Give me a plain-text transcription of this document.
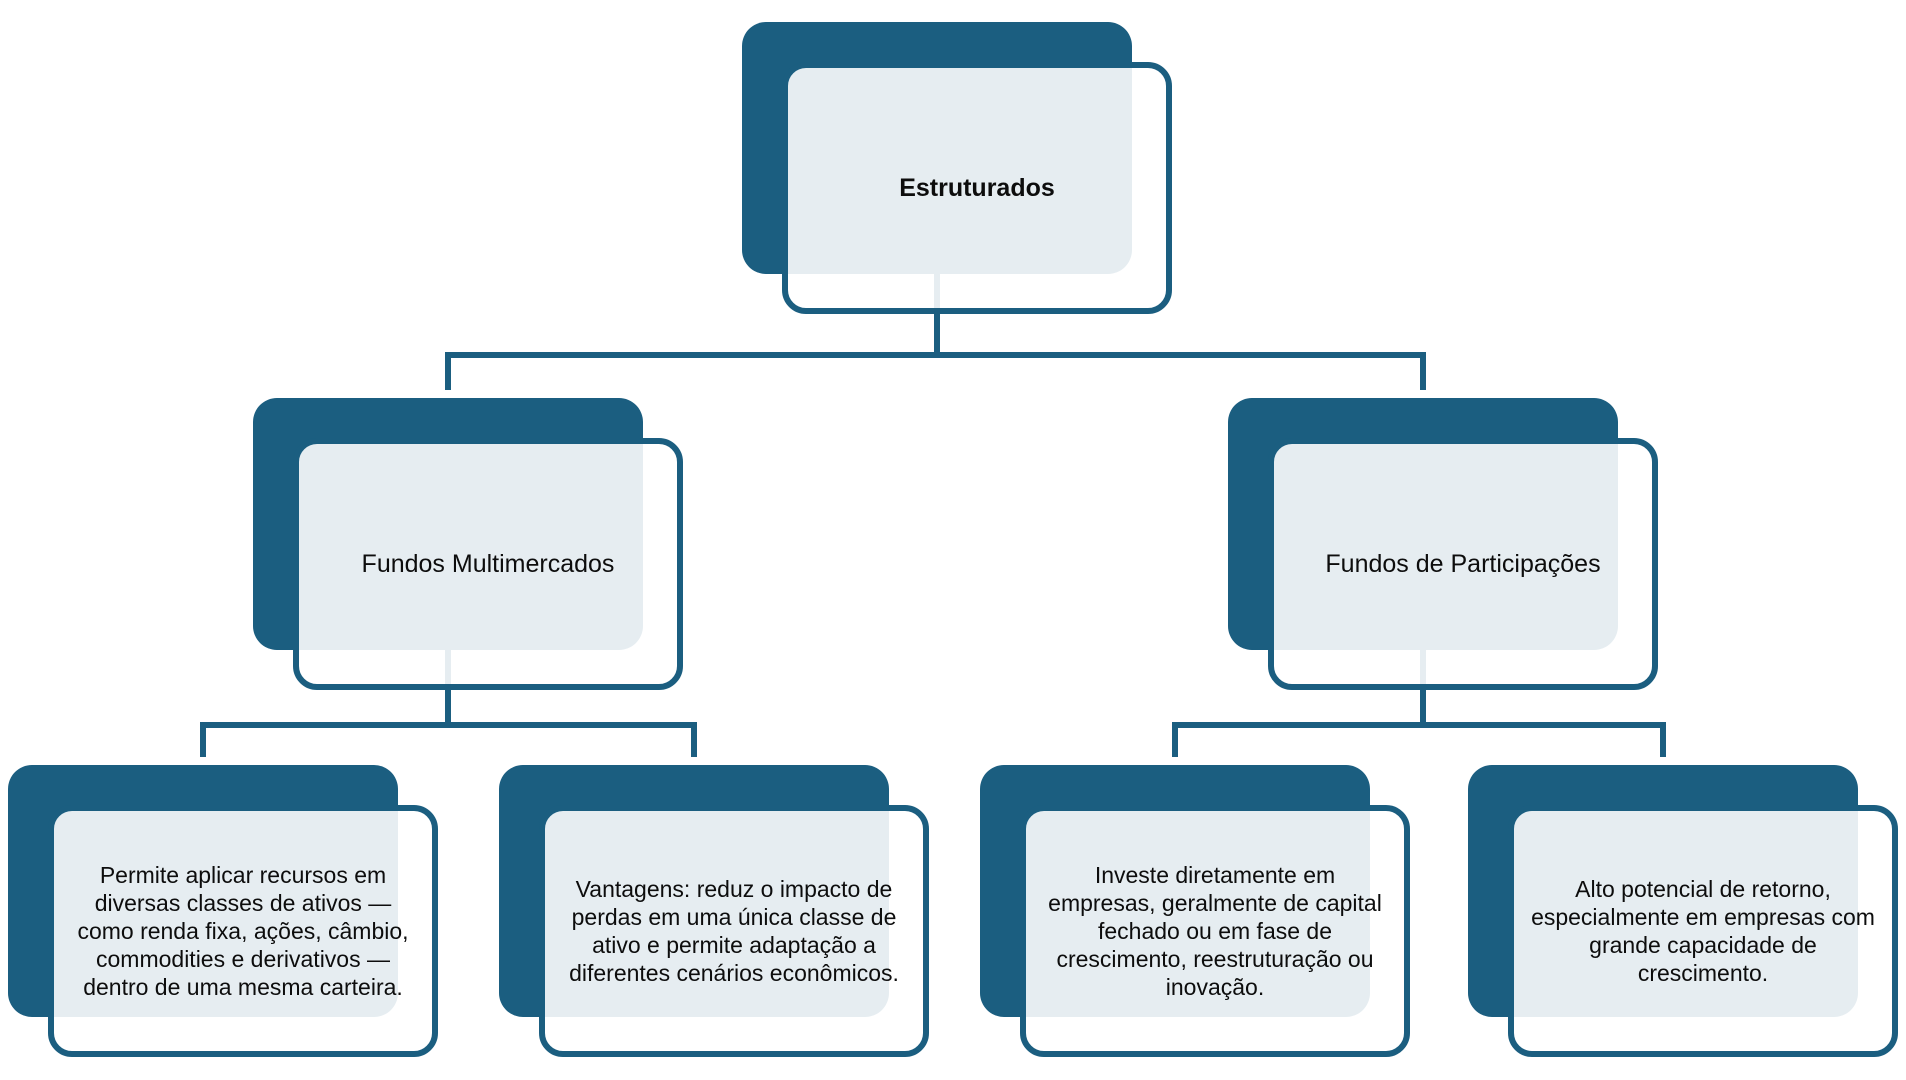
Estruturados
Fundos Multimercados	Fundos de Participações
Permite aplicar recursos em diversas classes de ativos — como renda fixa, ações, câmbio, commodities e derivativos — dentro de uma mesma carteira.
Vantagens: reduz o impacto de perdas em uma única classe de ativo e permite adaptação a diferentes cenários econômicos.
Investe diretamente em empresas, geralmente de capital fechado ou em fase de crescimento, reestruturação ou inovação.
Alto potencial de retorno, especialmente em empresas com grande capacidade de crescimento.
